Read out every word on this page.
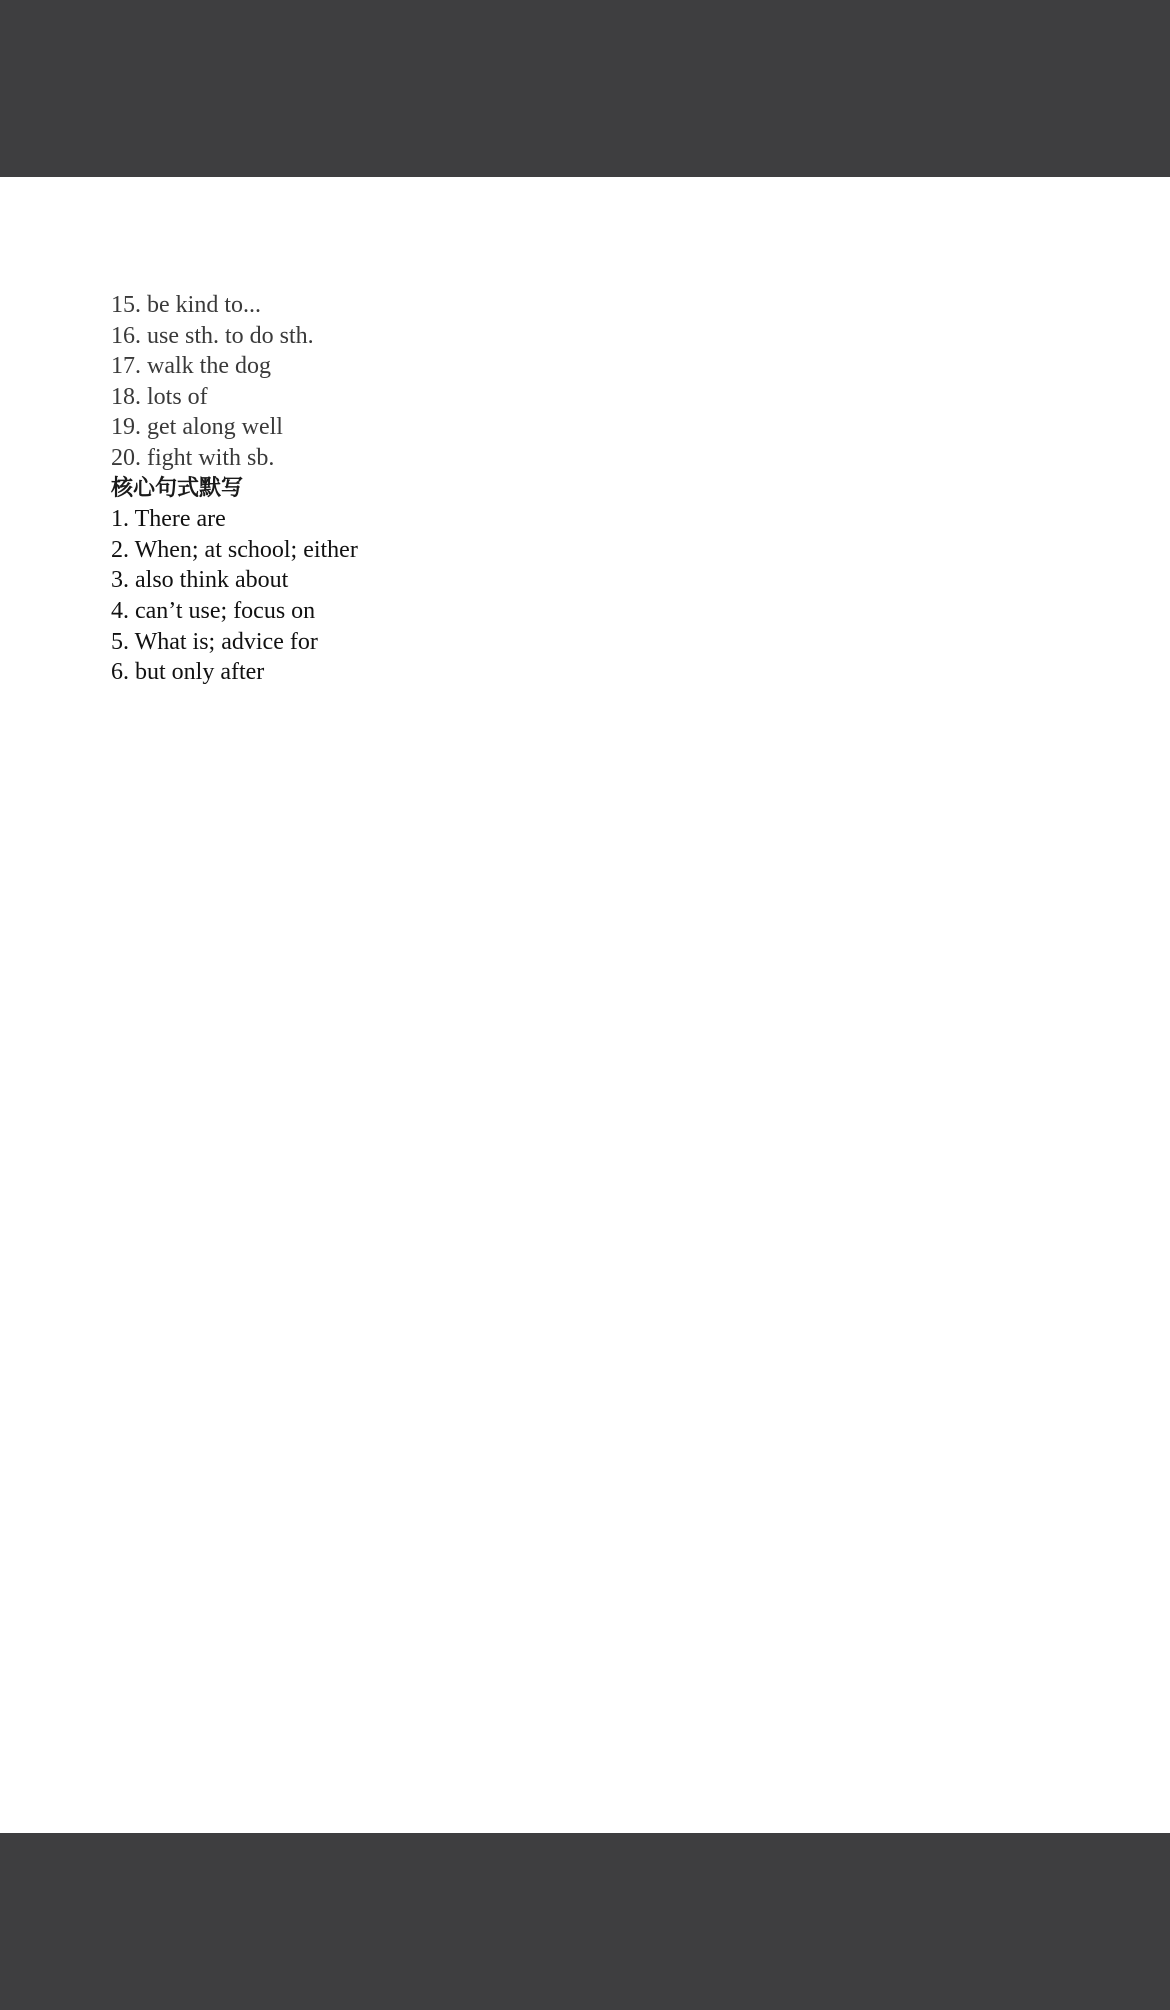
15. be kind to...
16. use sth. to do sth.
17. walk the dog
18. lots of
19. get along well
20. fight with sb.
核心句式默写
1. There are
2. When; at school; either
3. also think about
4. can’t use; focus on
5. What is; advice for
6. but only after
